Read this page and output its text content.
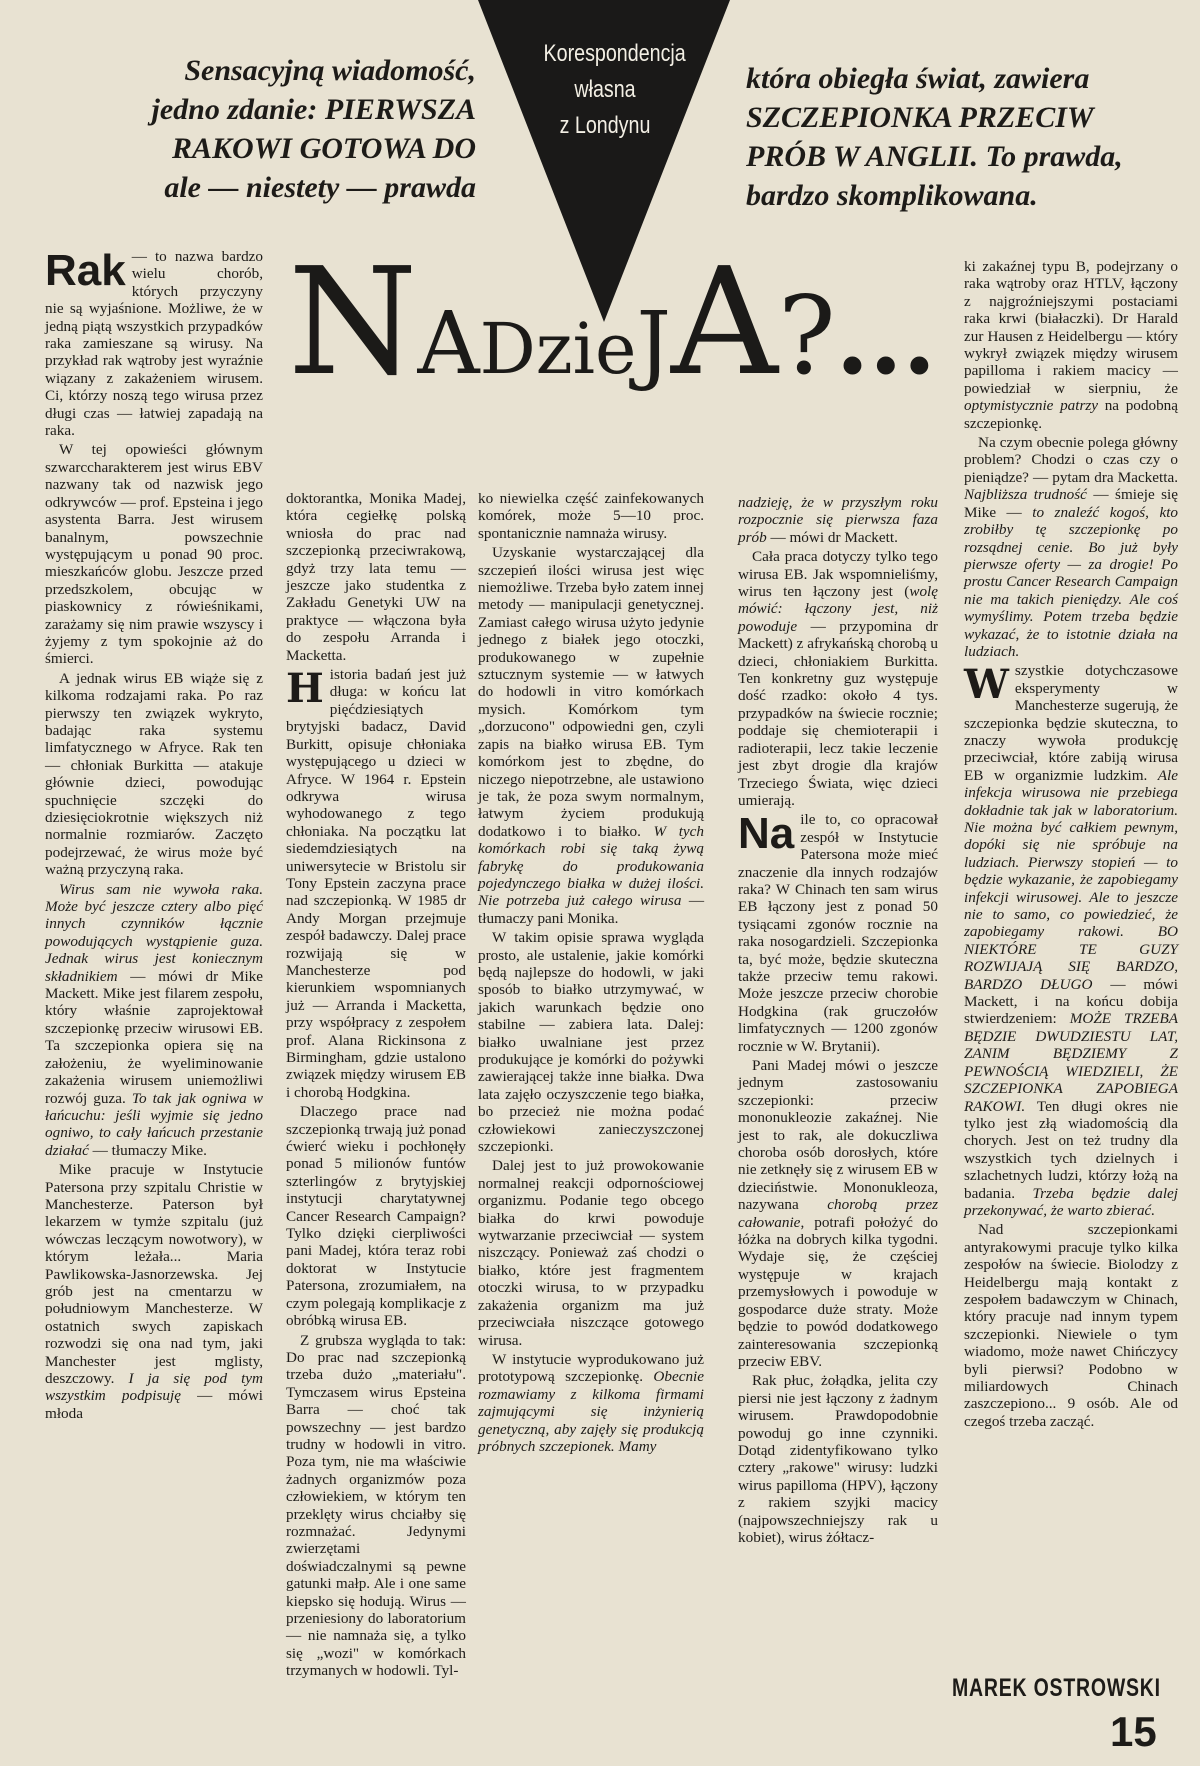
Korespondencja
własna
z Londynu
Sensacyjną wiadomość,
jedno zdanie: PIERWSZA
RAKOWI GOTOWA DO
ale — niestety — prawda
która obiegła świat, zawiera
SZCZEPIONKA PRZECIW
PRÓB W ANGLII. To prawda,
bardzo skomplikowana.
NADzieJA?...

Rak — to nazwa bardzo wielu chorób, których przyczyny nie są wyjaśnione. Możliwe, że w jedną piątą wszystkich przypadków raka zamieszane są wirusy. Na przykład rak wątroby jest wyraźnie wiązany z zakażeniem wirusem. Ci, którzy noszą tego wirusa przez długi czas — łatwiej zapadają na raka.

W tej opowieści głównym szwarccharakterem jest wirus EBV nazwany tak od nazwisk jego odkrywców — prof. Epsteina i jego asystenta Barra. Jest wirusem banalnym, powszechnie występującym u ponad 90 proc. mieszkańców globu. Jeszcze przed przedszkolem, obcując w piaskownicy z rówieśnikami, zarażamy się nim prawie wszyscy i żyjemy z tym spokojnie aż do śmierci.

A jednak wirus EB wiąże się z kilkoma rodzajami raka. Po raz pierwszy ten związek wykryto, badając raka systemu limfatycznego w Afryce. Rak ten — chłoniak Burkitta — atakuje głównie dzieci, powodując spuchnięcie szczęki do dziesięciokrotnie większych niż normalnie rozmiarów. Zaczęto podejrzewać, że wirus może być ważną przyczyną raka.

Wirus sam nie wywoła raka. Może być jeszcze cztery albo pięć innych czynników łącznie powodujących wystąpienie guza. Jednak wirus jest koniecznym składnikiem — mówi dr Mike Mackett. Mike jest filarem zespołu, który właśnie zaprojektował szczepionkę przeciw wirusowi EB. Ta szczepionka opiera się na założeniu, że wyeliminowanie zakażenia wirusem uniemożliwi rozwój guza. To tak jak ogniwa w łańcuchu: jeśli wyjmie się jedno ogniwo, to cały łańcuch przestanie działać — tłumaczy Mike.

Mike pracuje w Instytucie Patersona przy szpitalu Christie w Manchesterze. Paterson był lekarzem w tymże szpitalu (już wówczas leczącym nowotwory), w którym leżała... Maria Pawlikowska-Jasnorzewska. Jej grób jest na cmentarzu w południowym Manchesterze. W ostatnich swych zapiskach rozwodzi się ona nad tym, jaki Manchester jest mglisty, deszczowy. I ja się pod tym wszystkim podpisuję — mówi młoda

doktorantka, Monika Madej, która cegiełkę polską wniosła do prac nad szczepionką przeciwrakową, gdyż trzy lata temu — jeszcze jako studentka z Zakładu Genetyki UW na praktyce — włączona była do zespołu Arranda i Macketta.

Historia badań jest już długa: w końcu lat pięćdziesiątych brytyjski badacz, David Burkitt, opisuje chłoniaka występującego u dzieci w Afryce. W 1964 r. Epstein odkrywa wirusa wyhodowanego z tego chłoniaka. Na początku lat siedemdziesiątych na uniwersytecie w Bristolu sir Tony Epstein zaczyna prace nad szczepionką. W 1985 dr Andy Morgan przejmuje zespół badawczy. Dalej prace rozwijają się w Manchesterze pod kierunkiem wspomnianych już — Arranda i Macketta, przy współpracy z zespołem prof. Alana Rickinsona z Birmingham, gdzie ustalono związek między wirusem EB i chorobą Hodgkina.

Dlaczego prace nad szczepionką trwają już ponad ćwierć wieku i pochłonęły ponad 5 milionów funtów szterlingów z brytyjskiej instytucji charytatywnej Cancer Research Campaign? Tylko dzięki cierpliwości pani Madej, która teraz robi doktorat w Instytucie Patersona, zrozumiałem, na czym polegają komplikacje z obróbką wirusa EB.

Z grubsza wygląda to tak: Do prac nad szczepionką trzeba dużo „materiału". Tymczasem wirus Epsteina Barra — choć tak powszechny — jest bardzo trudny w hodowli in vitro. Poza tym, nie ma właściwie żadnych organizmów poza człowiekiem, w którym ten przeklęty wirus chciałby się rozmnażać. Jedynymi zwierzętami doświadczalnymi są pewne gatunki małp. Ale i one same kiepsko się hodują. Wirus — przeniesiony do laboratorium — nie namnaża się, a tylko się „wozi" w komórkach trzymanych w hodowli. Tyl-

ko niewielka część zainfekowanych komórek, może 5—10 proc. spontanicznie namnaża wirusy.

Uzyskanie wystarczającej dla szczepień ilości wirusa jest więc niemożliwe. Trzeba było zatem innej metody — manipulacji genetycznej. Zamiast całego wirusa użyto jedynie jednego z białek jego otoczki, produkowanego w zupełnie sztucznym systemie — w łatwych do hodowli in vitro komórkach mysich. Komórkom tym „dorzucono" odpowiedni gen, czyli zapis na białko wirusa EB. Tym komórkom jest to zbędne, do niczego niepotrzebne, ale ustawiono je tak, że poza swym normalnym, łatwym życiem produkują dodatkowo i to białko. W tych komórkach robi się taką żywą fabrykę do produkowania pojedynczego białka w dużej ilości. Nie potrzeba już całego wirusa — tłumaczy pani Monika.

W takim opisie sprawa wygląda prosto, ale ustalenie, jakie komórki będą najlepsze do hodowli, w jaki sposób to białko utrzymywać, w jakich warunkach będzie ono stabilne — zabiera lata. Dalej: białko uwalniane jest przez produkujące je komórki do pożywki zawierającej także inne białka. Dwa lata zajęło oczyszczenie tego białka, bo przecież nie można podać człowiekowi zanieczyszczonej szczepionki.

Dalej jest to już prowokowanie normalnej reakcji odpornościowej organizmu. Podanie tego obcego białka do krwi powoduje wytwarzanie przeciwciał — system niszczący. Ponieważ zaś chodzi o białko, które jest fragmentem otoczki wirusa, to w przypadku zakażenia organizm ma już przeciwciała niszczące gotowego wirusa.

W instytucie wyprodukowano już prototypową szczepionkę. Obecnie rozmawiamy z kilkoma firmami zajmującymi się inżynierią genetyczną, aby zajęły się produkcją próbnych szczepionek. Mamy

nadzieję, że w przyszłym roku rozpocznie się pierwsza faza prób — mówi dr Mackett.

Cała praca dotyczy tylko tego wirusa EB. Jak wspomnieliśmy, wirus ten łączony jest (wolę mówić: łączony jest, niż powoduje — przypomina dr Mackett) z afrykańską chorobą u dzieci, chłoniakiem Burkitta. Ten konkretny guz występuje dość rzadko: około 4 tys. przypadków na świecie rocznie; poddaje się chemioterapii i radioterapii, lecz takie leczenie jest zbyt drogie dla krajów Trzeciego Świata, więc dzieci umierają.

Na ile to, co opracował zespół w Instytucie Patersona może mieć znaczenie dla innych rodzajów raka? W Chinach ten sam wirus EB łączony jest z ponad 50 tysiącami zgonów rocznie na raka nosogardzieli. Szczepionka ta, być może, będzie skuteczna także przeciw temu rakowi. Może jeszcze przeciw chorobie Hodgkina (rak gruczołów limfatycznych — 1200 zgonów rocznie w W. Brytanii).

Pani Madej mówi o jeszcze jednym zastosowaniu szczepionki: przeciw mononukleozie zakaźnej. Nie jest to rak, ale dokuczliwa choroba osób dorosłych, które nie zetknęły się z wirusem EB w dzieciństwie. Mononukleoza, nazywana chorobą przez całowanie, potrafi położyć do łóżka na dobrych kilka tygodni. Wydaje się, że częściej występuje w krajach przemysłowych i powoduje w gospodarce duże straty. Może będzie to powód dodatkowego zainteresowania szczepionką przeciw EBV.

Rak płuc, żołądka, jelita czy piersi nie jest łączony z żadnym wirusem. Prawdopodobnie powoduj go inne czynniki. Dotąd zidentyfikowano tylko cztery „rakowe" wirusy: ludzki wirus papilloma (HPV), łączony z rakiem szyjki macicy (najpowszechniejszy rak u kobiet), wirus żółtacz-

ki zakaźnej typu B, podejrzany o raka wątroby oraz HTLV, łączony z najgroźniejszymi postaciami raka krwi (białaczki). Dr Harald zur Hausen z Heidelbergu — który wykrył związek między wirusem papilloma i rakiem macicy — powiedział w sierpniu, że optymistycznie patrzy na podobną szczepionkę.

Na czym obecnie polega główny problem? Chodzi o czas czy o pieniądze? — pytam dra Macketta. Najbliższa trudność — śmieje się Mike — to znaleźć kogoś, kto zrobiłby tę szczepionkę po rozsądnej cenie. Bo już były pierwsze oferty — za drogie! Po prostu Cancer Research Campaign nie ma takich pieniędzy. Ale coś wymyślimy. Potem trzeba będzie wykazać, że to istotnie działa na ludziach.

Wszystkie dotychczasowe eksperymenty w Manchesterze sugerują, że szczepionka będzie skuteczna, to znaczy wywoła produkcję przeciwciał, które zabiją wirusa EB w organizmie ludzkim. Ale infekcja wirusowa nie przebiega dokładnie tak jak w laboratorium. Nie można być całkiem pewnym, dopóki się nie spróbuje na ludziach. Pierwszy stopień — to będzie wykazanie, że zapobiegamy infekcji wirusowej. Ale to jeszcze nie to samo, co powiedzieć, że zapobiegamy rakowi. BO NIEKTÓRE TE GUZY ROZWIJAJĄ SIĘ BARDZO, BARDZO DŁUGO — mówi Mackett, i na końcu dobija stwierdzeniem: MOŻE TRZEBA BĘDZIE DWUDZIESTU LAT, ZANIM BĘDZIEMY Z PEWNOŚCIĄ WIEDZIELI, ŻE SZCZEPIONKA ZAPOBIEGA RAKOWI. Ten długi okres nie tylko jest złą wiadomością dla chorych. Jest on też trudny dla wszystkich tych dzielnych i szlachetnych ludzi, którzy łożą na badania. Trzeba będzie dalej przekonywać, że warto zbierać.

Nad szczepionkami antyrakowymi pracuje tylko kilka zespołów na świecie. Biolodzy z Heidelbergu mają kontakt z zespołem badawczym w Chinach, który pracuje nad innym typem szczepionki. Niewiele o tym wiadomo, może nawet Chińczycy byli pierwsi? Podobno w miliardowych Chinach zaszczepiono... 9 osób. Ale od czegoś trzeba zacząć.

MAREK OSTROWSKI
15
